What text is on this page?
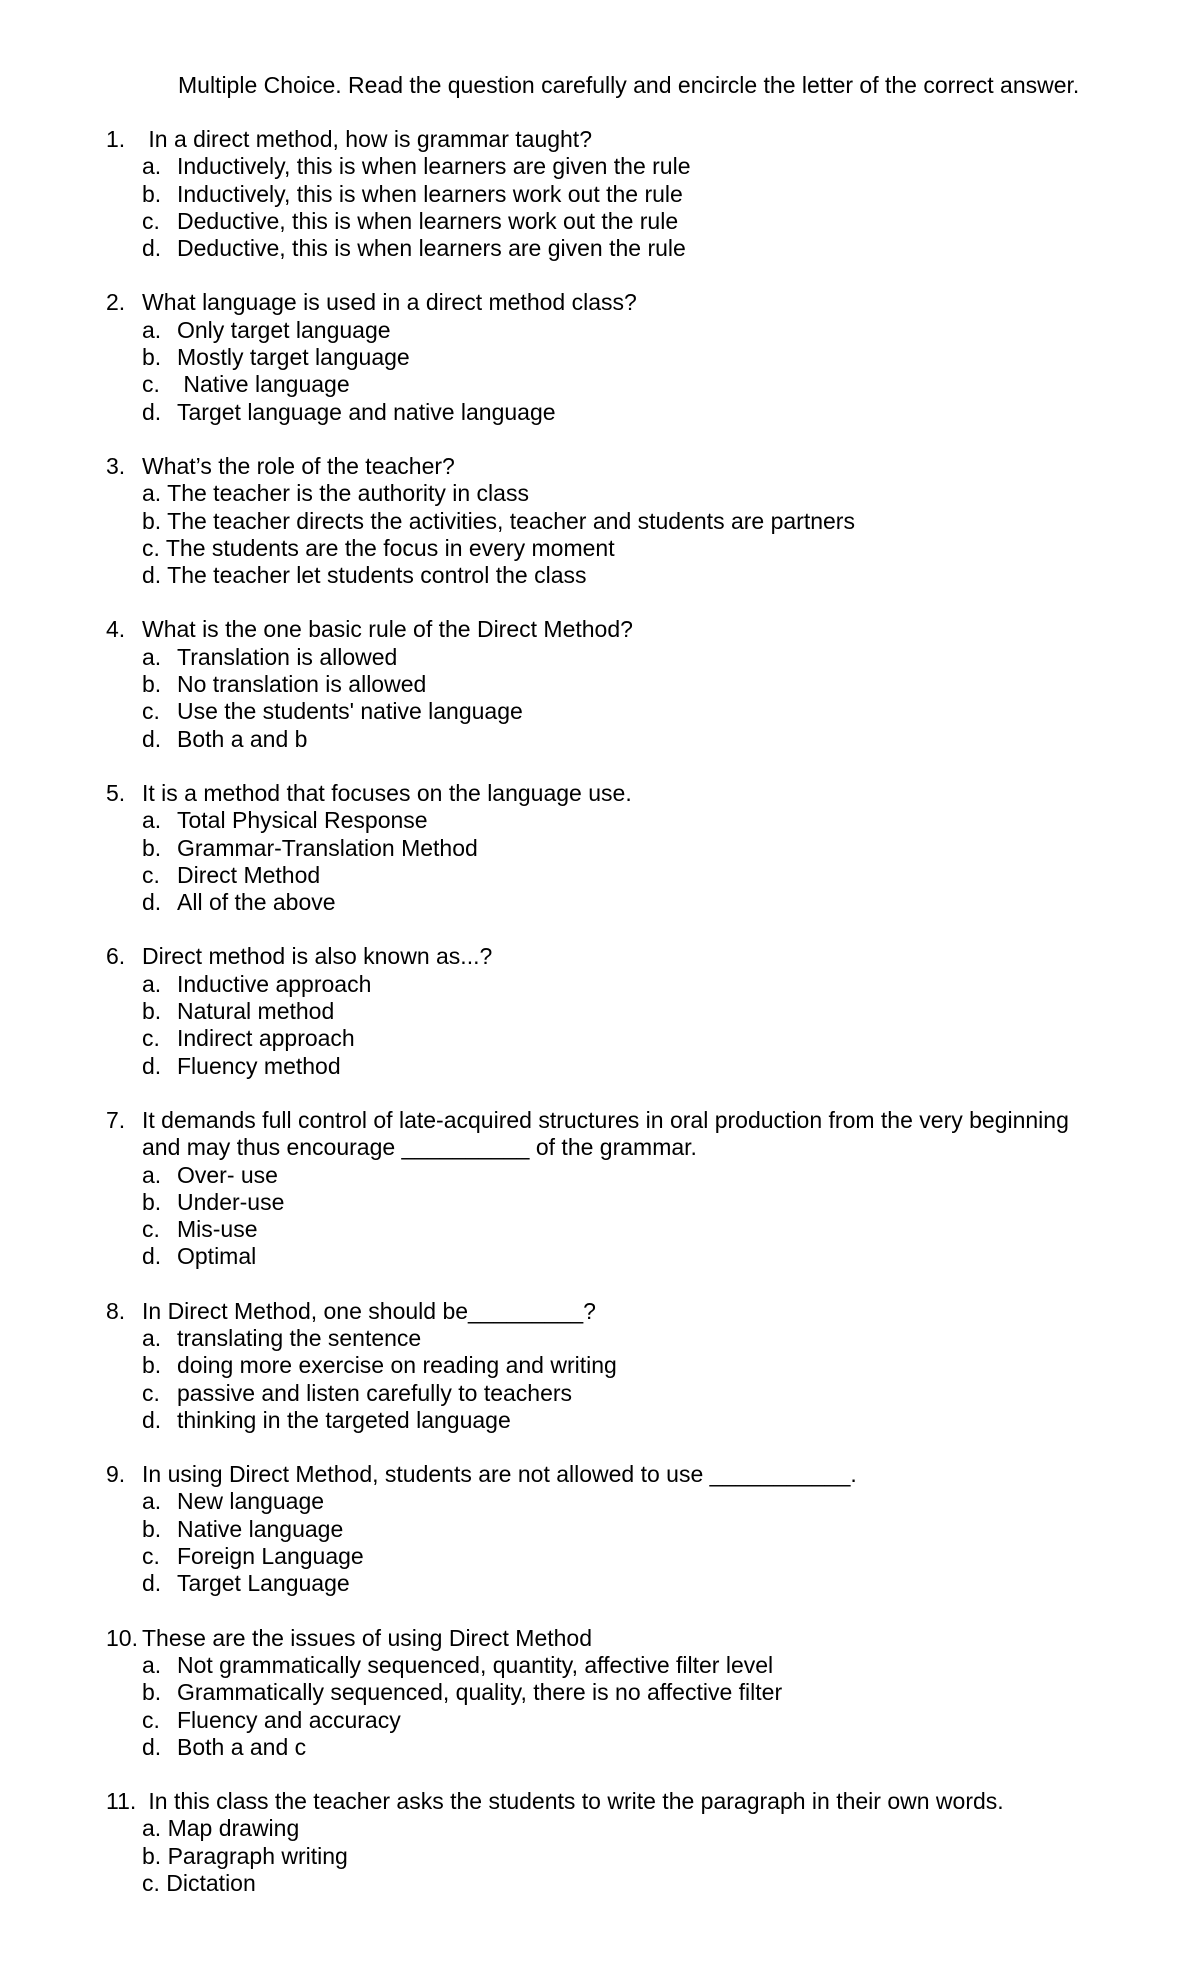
Multiple Choice. Read the question carefully and encircle the letter of the correct answer.
1. In a direct method, how is grammar taught?
a. Inductively, this is when learners are given the rule
b. Inductively, this is when learners work out the rule
c. Deductive, this is when learners work out the rule
d. Deductive, this is when learners are given the rule
2. What language is used in a direct method class?
a. Only target language
b. Mostly target language
c. Native language
d. Target language and native language
3. What’s the role of the teacher?
a. The teacher is the authority in class
b. The teacher directs the activities, teacher and students are partners
c. The students are the focus in every moment
d. The teacher let students control the class
4. What is the one basic rule of the Direct Method?
a. Translation is allowed
b. No translation is allowed
c. Use the students' native language
d. Both a and b
5. It is a method that focuses on the language use.
a. Total Physical Response
b. Grammar-Translation Method
c. Direct Method
d. All of the above
6. Direct method is also known as...?
a. Inductive approach
b. Natural method
c. Indirect approach
d. Fluency method
7. It demands full control of late-acquired structures in oral production from the very beginning
and may thus encourage __________ of the grammar.
a. Over- use
b. Under-use
c. Mis-use
d. Optimal
8. In Direct Method, one should be_________?
a. translating the sentence
b. doing more exercise on reading and writing
c. passive and listen carefully to teachers
d. thinking in the targeted language
9. In using Direct Method, students are not allowed to use ___________.
a. New language
b. Native language
c. Foreign Language
d. Target Language
10. These are the issues of using Direct Method
a. Not grammatically sequenced, quantity, affective filter level
b. Grammatically sequenced, quality, there is no affective filter
c. Fluency and accuracy
d. Both a and c
11. In this class the teacher asks the students to write the paragraph in their own words.
a. Map drawing
b. Paragraph writing
c. Dictation
